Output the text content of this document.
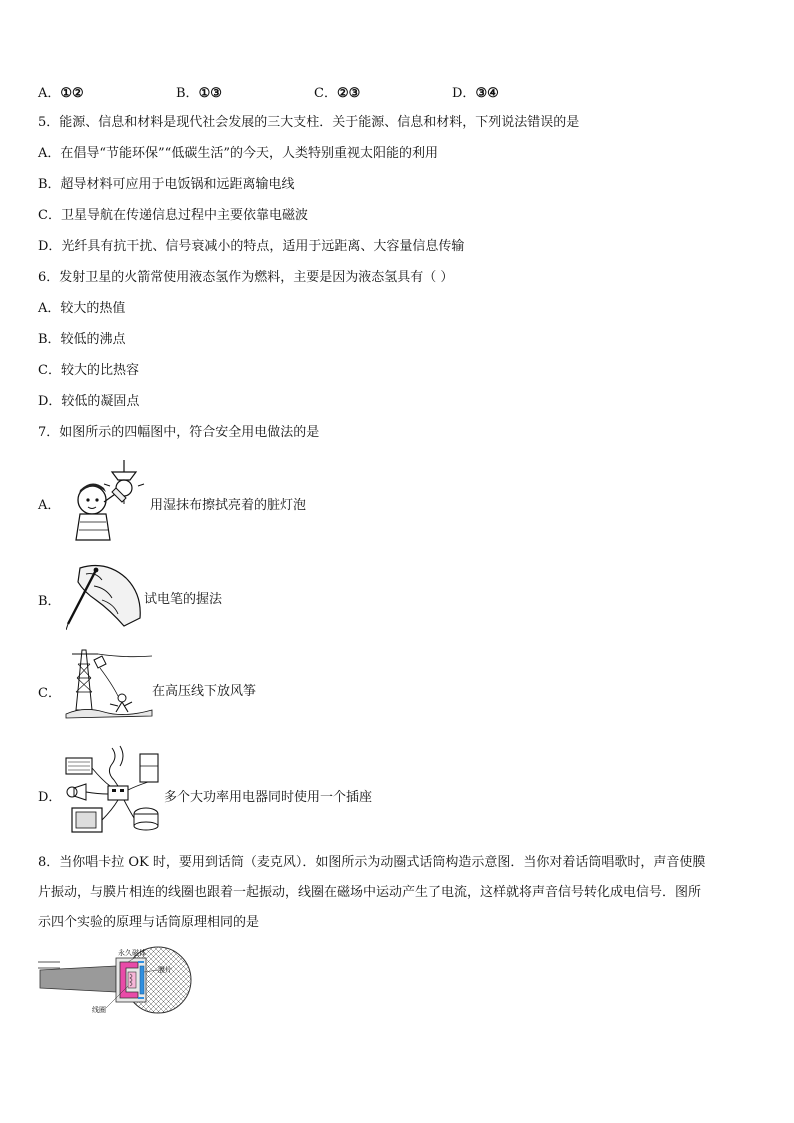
A．①②	B．①③	C．②③	D．③④
5．能源、信息和材料是现代社会发展的三大支柱．关于能源、信息和材料，下列说法错误的是
A．在倡导“节能环保”“低碳生活”的今天，人类特别重视太阳能的利用
B．超导材料可应用于电饭锅和远距离输电线
C．卫星导航在传递信息过程中主要依靠电磁波
D．光纤具有抗干扰、信号衰减小的特点，适用于远距离、大容量信息传输
6．发射卫星的火箭常使用液态氢作为燃料，主要是因为液态氢具有（ ）
A．较大的热值
B．较低的沸点
C．较大的比热容
D．较低的凝固点
7．如图所示的四幅图中，符合安全用电做法的是
A．	用湿抹布擦拭亮着的脏灯泡
B．	试电笔的握法
C．	在高压线下放风筝
D．	多个大功率用电器同时使用一个插座
8．当你唱卡拉 OK 时，要用到话筒（麦克风）．如图所示为动圈式话筒构造示意图．当你对着话筒唱歌时，声音使膜
片振动，与膜片相连的线圈也跟着一起振动，线圈在磁场中运动产生了电流，这样就将声音信号转化成电信号．图所
示四个实验的原理与话筒原理相同的是
永久磁体
膜片
线圈
